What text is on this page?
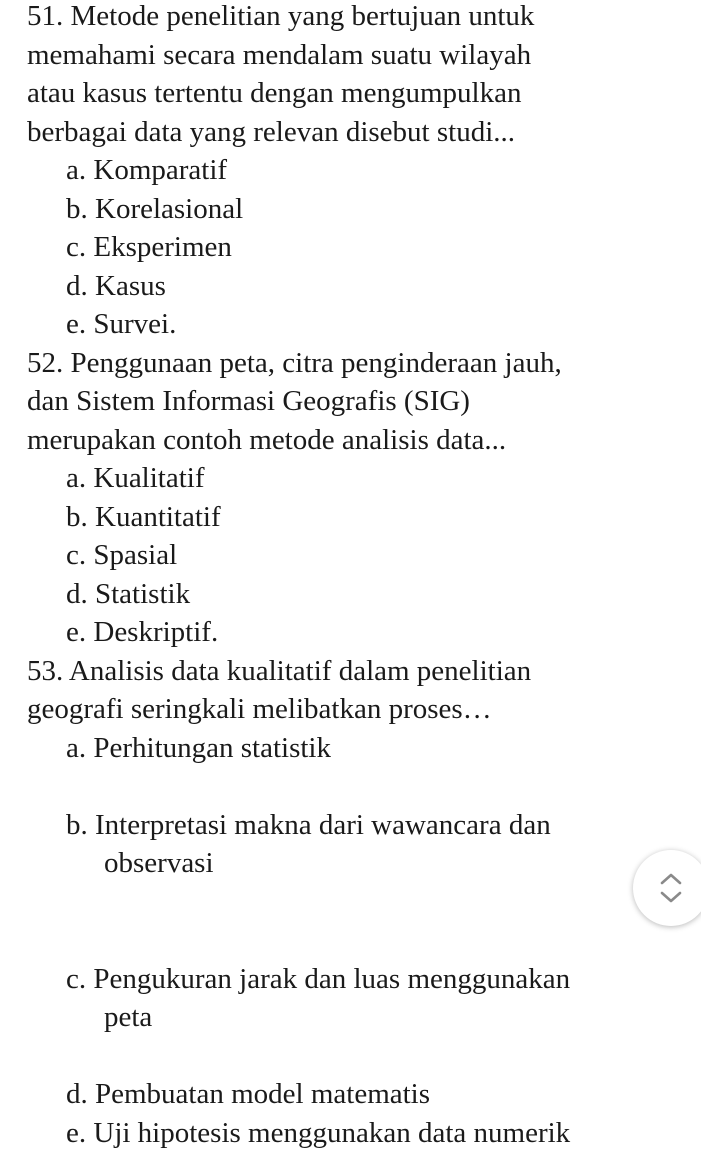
51. Metode penelitian yang bertujuan untuk
memahami secara mendalam suatu wilayah
atau kasus tertentu dengan mengumpulkan
berbagai data yang relevan disebut studi...

a. Komparatif
b. Korelasional
c. Eksperimen
d. Kasus
e. Survei.

52. Penggunaan peta, citra penginderaan jauh,
dan Sistem Informasi Geografis (SIG)
merupakan contoh metode analisis data...

a. Kualitatif
b. Kuantitatif
c. Spasial
d. Statistik
e. Deskriptif.

53. Analisis data kualitatif dalam penelitian
geografi seringkali melibatkan proses…

a. Perhitungan statistik

b. Interpretasi makna dari wawancara dan

observasi

c. Pengukuran jarak dan luas menggunakan

peta

d. Pembuatan model matematis
e. Uji hipotesis menggunakan data numerik
